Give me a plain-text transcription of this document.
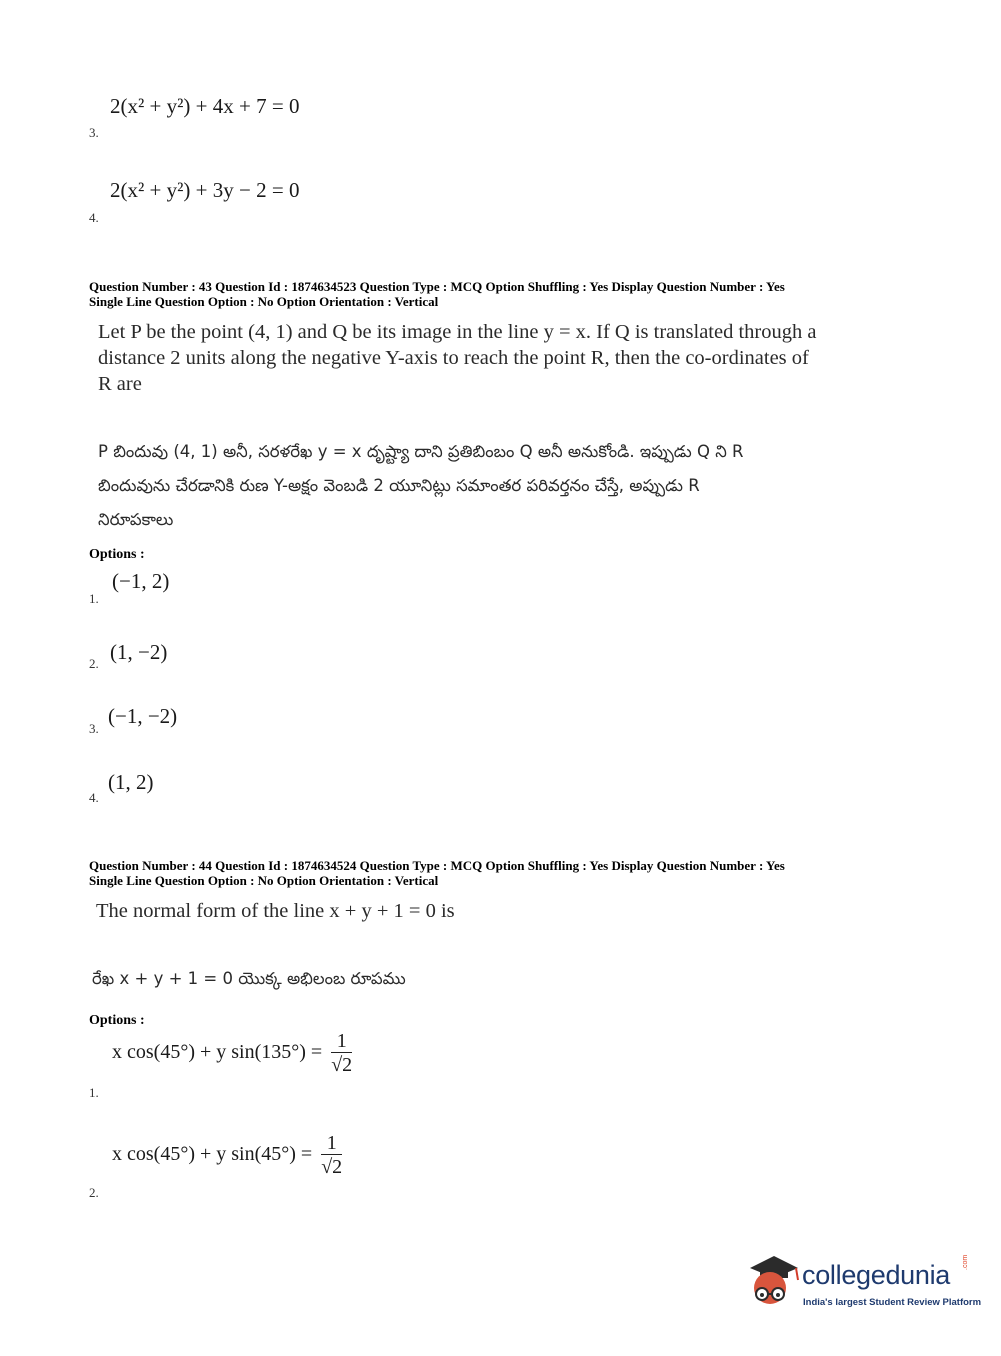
2(x² + y²) + 4x + 7 = 0
3.
2(x² + y²) + 3y − 2 = 0
4.
Question Number : 43 Question Id : 1874634523 Question Type : MCQ Option Shuffling : Yes Display Question Number : Yes
Single Line Question Option : No Option Orientation : Vertical
Let P be the point (4, 1) and Q be its image in the line y = x. If Q is translated through a
distance 2 units along the negative Y-axis to reach the point R, then the co-ordinates of
R are
P బిందువు (4, 1) అనీ, సరళరేఖ y = x దృష్ట్యా దాని ప్రతిబింబం Q అనీ అనుకోండి. ఇప్పుడు Q ని R
బిందువును చేరడానికి రుణ Y-అక్షం వెంబడి 2 యూనిట్లు సమాంతర పరివర్తనం చేస్తే, అప్పుడు R
నిరూపకాలు
Options :
(−1, 2)
1.
(1, −2)
2.
(−1, −2)
3.
(1, 2)
4.
Question Number : 44 Question Id : 1874634524 Question Type : MCQ Option Shuffling : Yes Display Question Number : Yes
Single Line Question Option : No Option Orientation : Vertical
The normal form of the line x + y + 1 = 0 is
రేఖ x + y + 1 = 0 యొక్క అభిలంబ రూపము
Options :
x cos(45°) + y $\sin(135^\circ) = \frac{1}{√2}$
1.
x cos(45°) + y $\sin(45^\circ) = \frac{1}{√2}$
2.
collegedunia .com
India's largest Student Review Platform
